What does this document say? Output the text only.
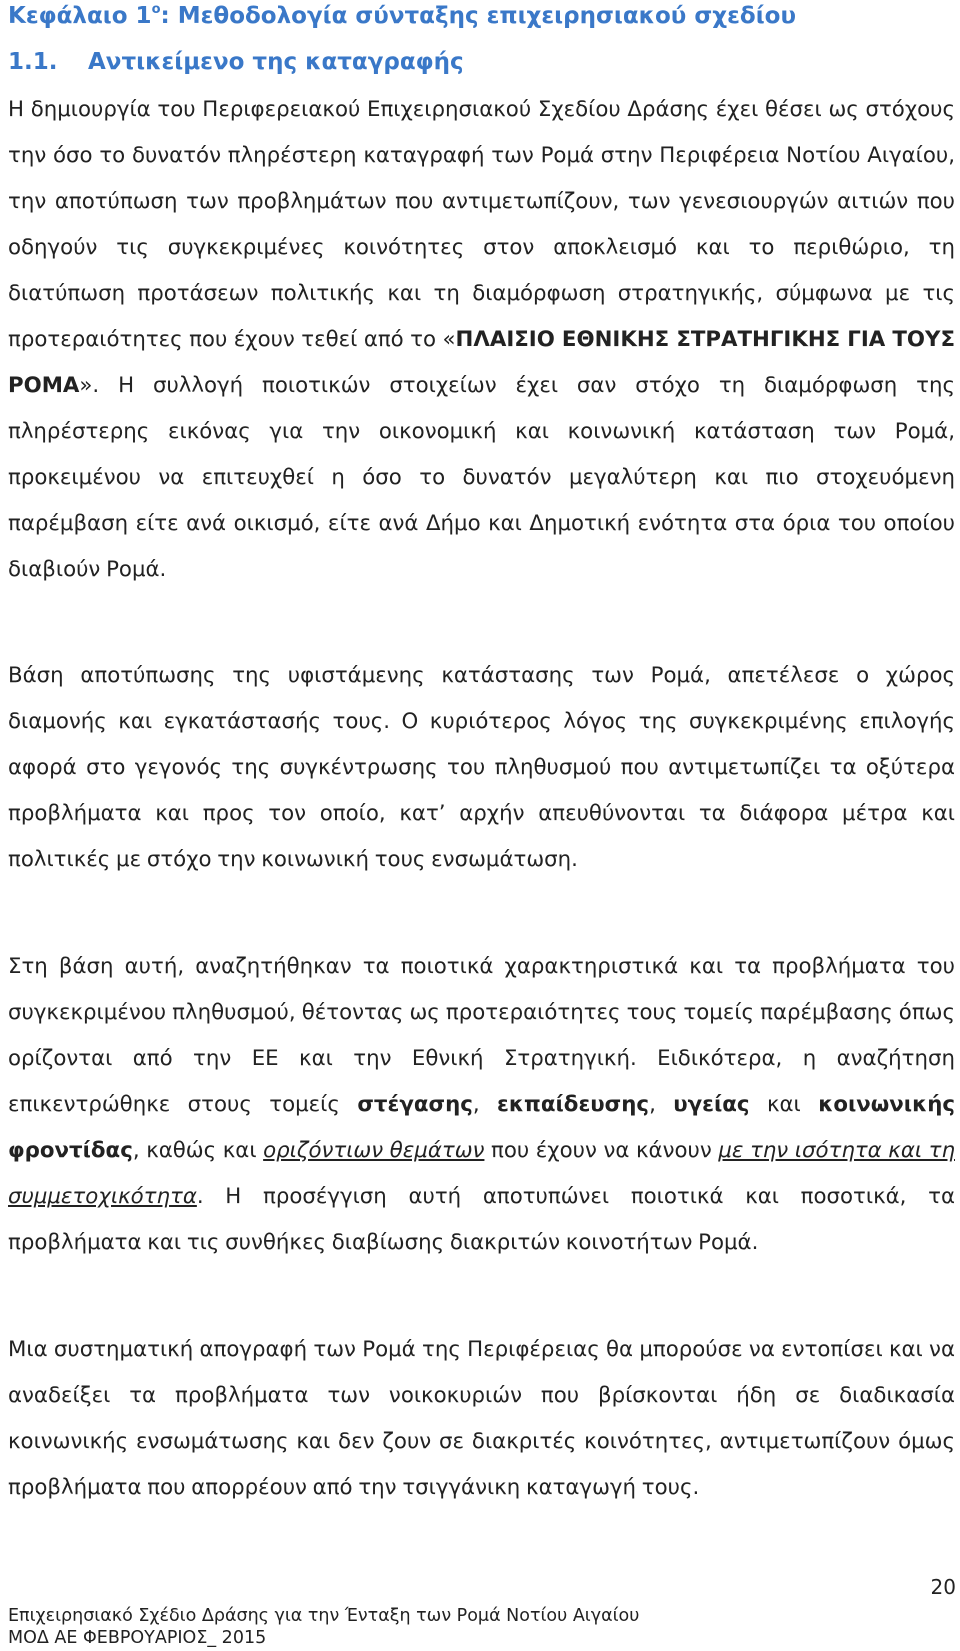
Κεφάλαιο $1^o$: Μεθοδολογία σύνταξης επιχειρησιακού σχεδίου
1.1. Αντικείμενο της καταγραφής

Η δημιουργία του Περιφερειακού Επιχειρησιακού Σχεδίου Δράσης έχει θέσει ως στόχους την όσο το δυνατόν πληρέστερη καταγραφή των Ρομά στην Περιφέρεια Νοτίου Αιγαίου, την αποτύπωση των προβλημάτων που αντιμετωπίζουν, των γενεσιουργών αιτιών που οδηγούν τις συγκεκριμένες κοινότητες στον αποκλεισμό και το περιθώριο, τη διατύπωση προτάσεων πολιτικής και τη διαμόρφωση στρατηγικής, σύμφωνα με τις προτεραιότητες που έχουν τεθεί από το «ΠΛΑΙΣΙΟ ΕΘΝΙΚΗΣ ΣΤΡΑΤΗΓΙΚΗΣ ΓΙΑ ΤΟΥΣ ΡΟΜΑ». Η συλλογή ποιοτικών στοιχείων έχει σαν στόχο τη διαμόρφωση της πληρέστερης εικόνας για την οικονομική και κοινωνική κατάσταση των Ρομά, προκειμένου να επιτευχθεί η όσο το δυνατόν μεγαλύτερη και πιο στοχευόμενη παρέμβαση είτε ανά οικισμό, είτε ανά Δήμο και Δημοτική ενότητα στα όρια του οποίου διαβιούν Ρομά.

Βάση αποτύπωσης της υφιστάμενης κατάστασης των Ρομά, απετέλεσε ο χώρος διαμονής και εγκατάστασής τους. Ο κυριότερος λόγος της συγκεκριμένης επιλογής αφορά στο γεγονός της συγκέντρωσης του πληθυσμού που αντιμετωπίζει τα οξύτερα προβλήματα και προς τον οποίο, κατ’ αρχήν απευθύνονται τα διάφορα μέτρα και πολιτικές με στόχο την κοινωνική τους ενσωμάτωση.

Στη βάση αυτή, αναζητήθηκαν τα ποιοτικά χαρακτηριστικά και τα προβλήματα του συγκεκριμένου πληθυσμού, θέτοντας ως προτεραιότητες τους τομείς παρέμβασης όπως ορίζονται από την ΕΕ και την Εθνική Στρατηγική. Ειδικότερα, η αναζήτηση επικεντρώθηκε στους τομείς στέγασης, εκπαίδευσης, υγείας και κοινωνικής φροντίδας, καθώς και οριζόντιων θεμάτων που έχουν να κάνουν με την ισότητα και τη συμμετοχικότητα. Η προσέγγιση αυτή αποτυπώνει ποιοτικά και ποσοτικά, τα προβλήματα και τις συνθήκες διαβίωσης διακριτών κοινοτήτων Ρομά.

Μια συστηματική απογραφή των Ρομά της Περιφέρειας θα μπορούσε να εντοπίσει και να αναδείξει τα προβλήματα των νοικοκυριών που βρίσκονται ήδη σε διαδικασία κοινωνικής ενσωμάτωσης και δεν ζουν σε διακριτές κοινότητες, αντιμετωπίζουν όμως προβλήματα που απορρέουν από την τσιγγάνικη καταγωγή τους.

20
Επιχειρησιακό Σχέδιο Δράσης για την Ένταξη των Ρομά Νοτίου Αιγαίου
ΜΟΔ ΑΕ ΦΕΒΡΟΥΑΡΙΟΣ_ 2015
